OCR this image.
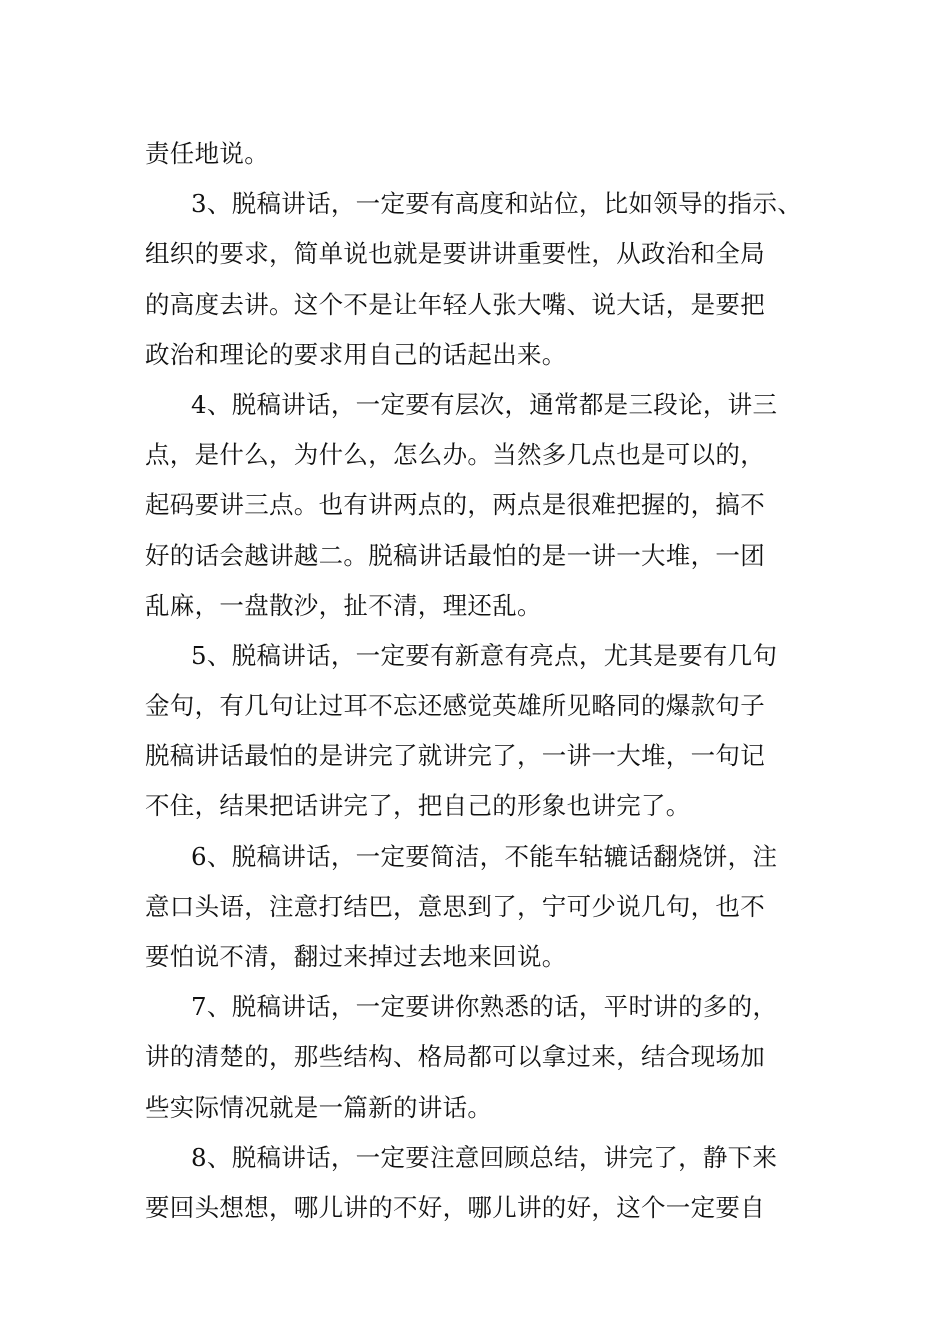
责任地说。
3、脱稿讲话，一定要有高度和站位，比如领导的指示、
组织的要求，简单说也就是要讲讲重要性，从政治和全局
的高度去讲。这个不是让年轻人张大嘴、说大话，是要把
政治和理论的要求用自己的话起出来。
4、脱稿讲话，一定要有层次，通常都是三段论，讲三
点，是什么，为什么，怎么办。当然多几点也是可以的，
起码要讲三点。也有讲两点的，两点是很难把握的，搞不
好的话会越讲越二。脱稿讲话最怕的是一讲一大堆，一团
乱麻，一盘散沙，扯不清，理还乱。
5、脱稿讲话，一定要有新意有亮点，尤其是要有几句
金句，有几句让过耳不忘还感觉英雄所见略同的爆款句子
脱稿讲话最怕的是讲完了就讲完了，一讲一大堆，一句记
不住，结果把话讲完了，把自己的形象也讲完了。
6、脱稿讲话，一定要简洁，不能车轱辘话翻烧饼，注
意口头语，注意打结巴，意思到了，宁可少说几句，也不
要怕说不清，翻过来掉过去地来回说。
7、脱稿讲话，一定要讲你熟悉的话，平时讲的多的，
讲的清楚的，那些结构、格局都可以拿过来，结合现场加
些实际情况就是一篇新的讲话。
8、脱稿讲话，一定要注意回顾总结，讲完了，静下来
要回头想想，哪儿讲的不好，哪儿讲的好，这个一定要自
